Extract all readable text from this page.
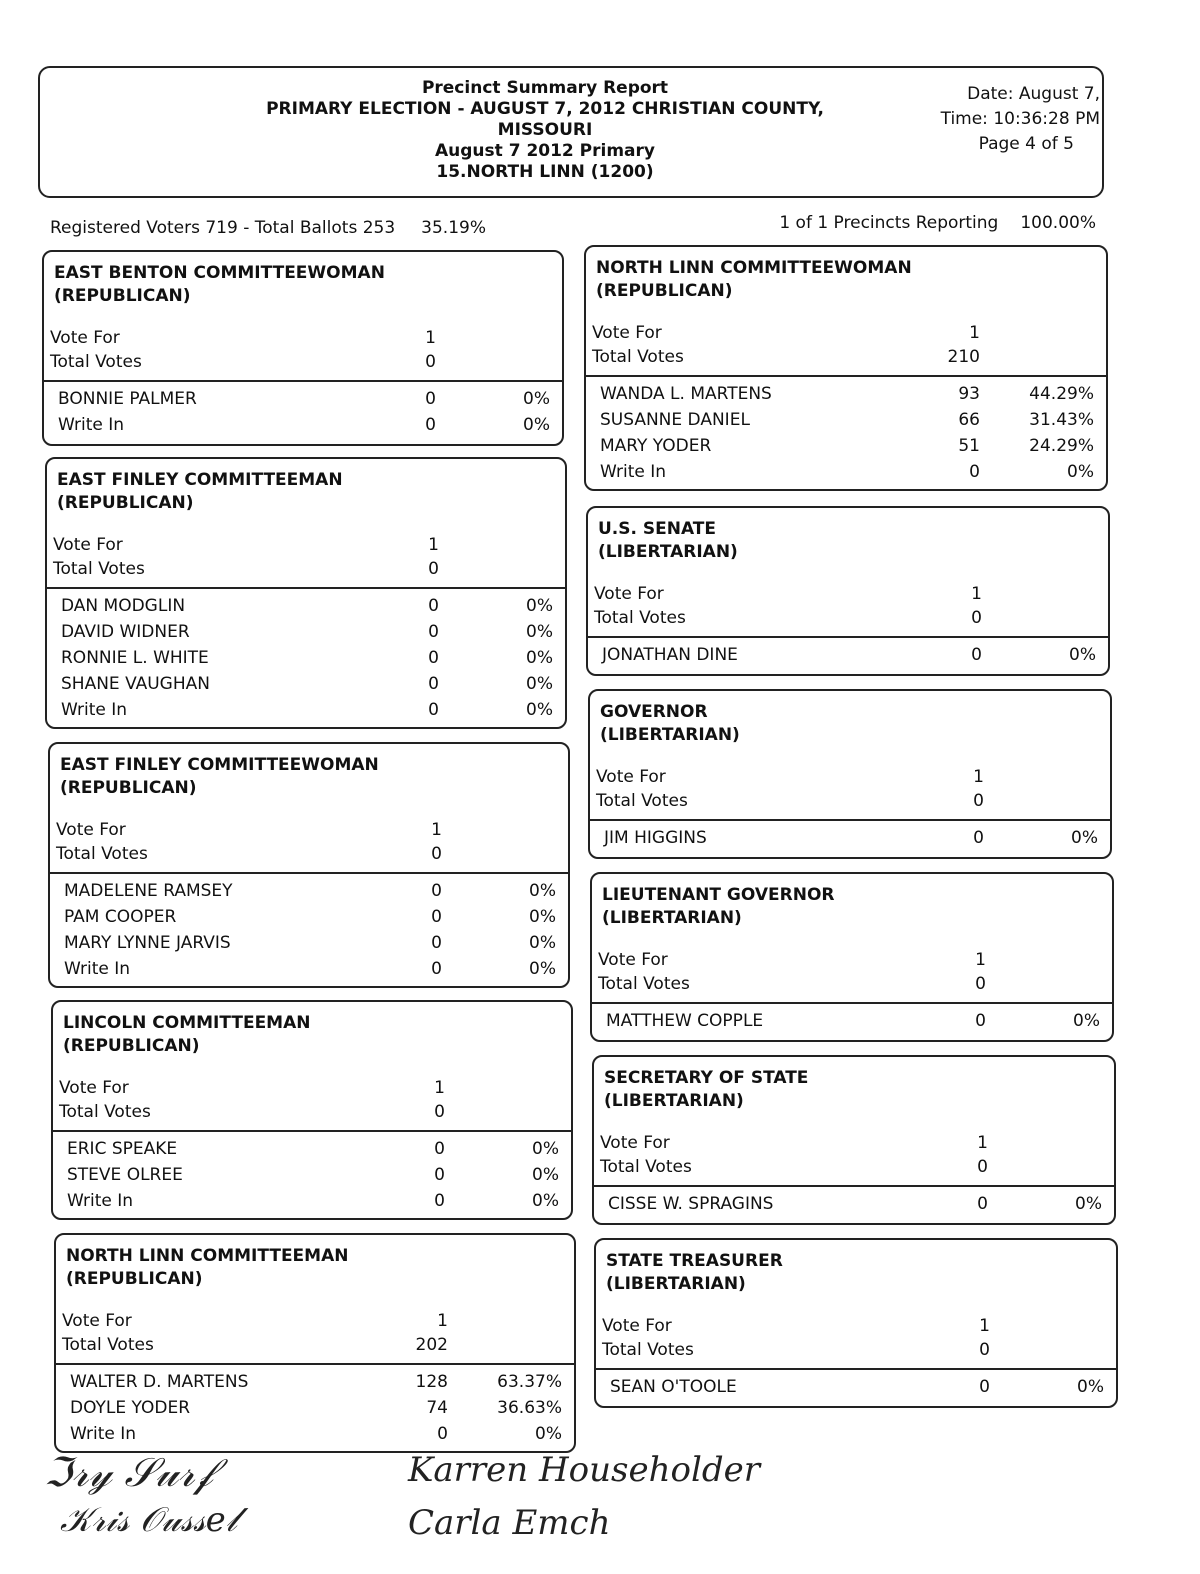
Precinct Summary Report
PRIMARY ELECTION - AUGUST 7, 2012 CHRISTIAN COUNTY,
MISSOURI
August 7 2012 Primary
15.NORTH LINN (1200)
Date: August 7,
Time: 10:36:28 PM
Page 4 of 5
Registered Voters 719 - Total Ballots 253 35.19%	1 of 1 Precincts Reporting 100.00%
EAST BENTON COMMITTEEWOMAN
(REPUBLICAN)
Vote For	1
Total Votes	0
BONNIE PALMER	0	0%
Write In	0	0%
EAST FINLEY COMMITTEEMAN
(REPUBLICAN)
Vote For	1
Total Votes	0
DAN MODGLIN	0	0%
DAVID WIDNER	0	0%
RONNIE L. WHITE	0	0%
SHANE VAUGHAN	0	0%
Write In	0	0%
EAST FINLEY COMMITTEEWOMAN
(REPUBLICAN)
Vote For	1
Total Votes	0
MADELENE RAMSEY	0	0%
PAM COOPER	0	0%
MARY LYNNE JARVIS	0	0%
Write In	0	0%
LINCOLN COMMITTEEMAN
(REPUBLICAN)
Vote For	1
Total Votes	0
ERIC SPEAKE	0	0%
STEVE OLREE	0	0%
Write In	0	0%
NORTH LINN COMMITTEEMAN
(REPUBLICAN)
Vote For	1
Total Votes	202
WALTER D. MARTENS	128	63.37%
DOYLE YODER	74	36.63%
Write In	0	0%
NORTH LINN COMMITTEEWOMAN
(REPUBLICAN)
Vote For	1
Total Votes	210
WANDA L. MARTENS	93	44.29%
SUSANNE DANIEL	66	31.43%
MARY YODER	51	24.29%
Write In	0	0%
U.S. SENATE
(LIBERTARIAN)
Vote For	1
Total Votes	0
JONATHAN DINE	0	0%
GOVERNOR
(LIBERTARIAN)
Vote For	1
Total Votes	0
JIM HIGGINS	0	0%
LIEUTENANT GOVERNOR
(LIBERTARIAN)
Vote For	1
Total Votes	0
MATTHEW COPPLE	0	0%
SECRETARY OF STATE
(LIBERTARIAN)
Vote For	1
Total Votes	0
CISSE W. SPRAGINS	0	0%
STATE TREASURER
(LIBERTARIAN)
Vote For	1
Total Votes	0
SEAN O'TOOLE	0	0%
ℑ𝓇𝓎 𝒮𝓊𝓇𝒻
𝒦𝓇𝒾𝓈 𝒪𝓊𝓈𝓈𝑒𝓁
Karren Householder
Carla Emch
